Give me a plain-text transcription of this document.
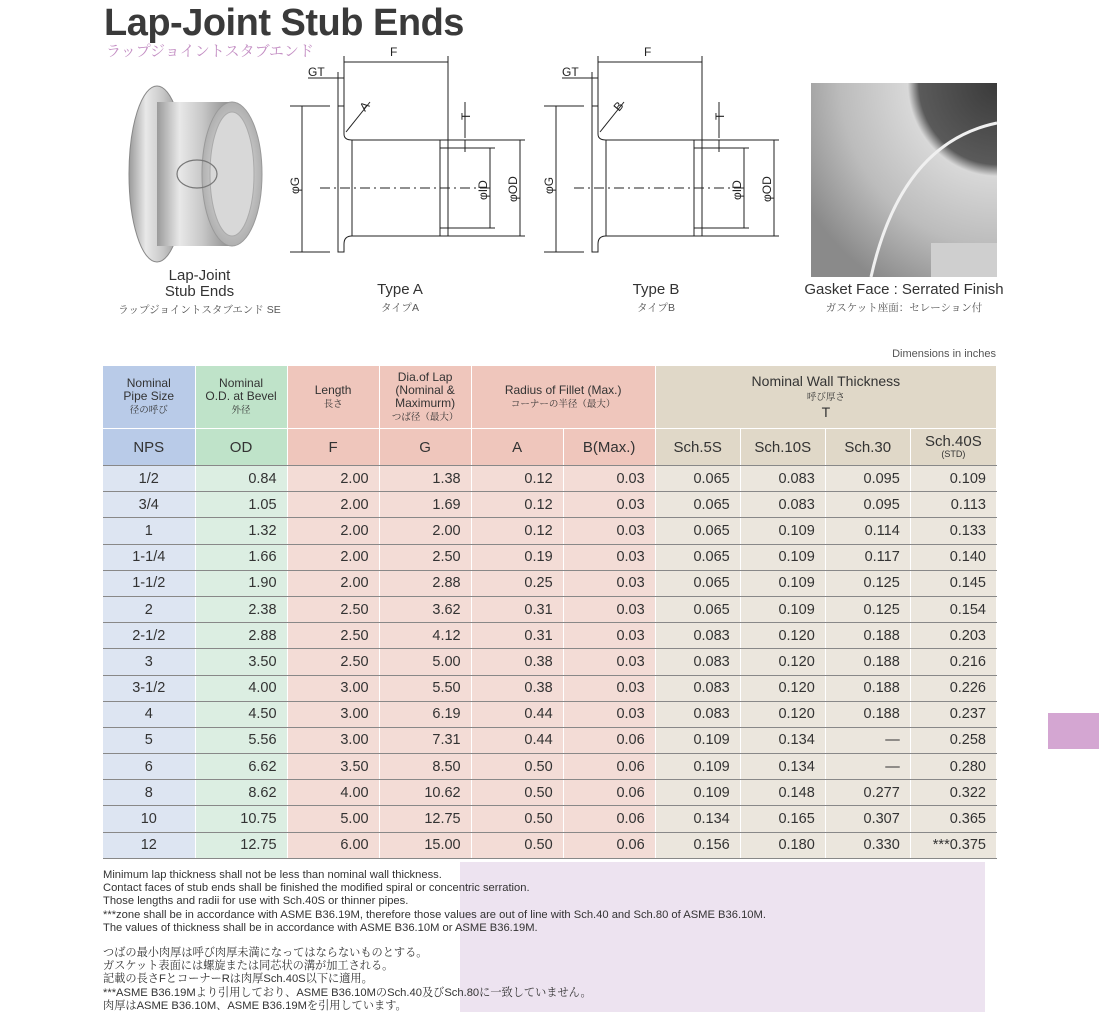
Lap-Joint Stub Ends
ラップジョイントスタブエンド
Lap-Joint
Stub Ends
ラップジョイントスタブエンド SE
GT
F
A
T
φG	φID φOD
Type A
タイプA
GT
F
B
T
φG	φID φOD
Type B
タイプB
Gasket Face : Serrated Finish
ガスケット座面：セレーション付
Dimensions in inches
Nominal
Pipe Size
径の呼び	Nominal
O.D. at Bevel
外径	Length
長さ	Dia.of Lap
(Nominal &
Maximurm)
つば径（最大）	Radius of Fillet (Max.)
コーナーの半径（最大）		Nominal Wall Thickness
呼び厚さ
T			
NPS	OD	F	G	A	B(Max.)	Sch.5S	Sch.10S	Sch.30	Sch.40S
(STD)

1/2	0.84	2.00	1.38	0.12	0.03	0.065	0.083	0.095	0.109
3/4	1.05	2.00	1.69	0.12	0.03	0.065	0.083	0.095	0.113
1	1.32	2.00	2.00	0.12	0.03	0.065	0.109	0.114	0.133
1-1/4	1.66	2.00	2.50	0.19	0.03	0.065	0.109	0.117	0.140
1-1/2	1.90	2.00	2.88	0.25	0.03	0.065	0.109	0.125	0.145
2	2.38	2.50	3.62	0.31	0.03	0.065	0.109	0.125	0.154
2-1/2	2.88	2.50	4.12	0.31	0.03	0.083	0.120	0.188	0.203
3	3.50	2.50	5.00	0.38	0.03	0.083	0.120	0.188	0.216
3-1/2	4.00	3.00	5.50	0.38	0.03	0.083	0.120	0.188	0.226
4	4.50	3.00	6.19	0.44	0.03	0.083	0.120	0.188	0.237
5	5.56	3.00	7.31	0.44	0.06	0.109	0.134	—	0.258
6	6.62	3.50	8.50	0.50	0.06	0.109	0.134	—	0.280
8	8.62	4.00	10.62	0.50	0.06	0.109	0.148	0.277	0.322
10	10.75	5.00	12.75	0.50	0.06	0.134	0.165	0.307	0.365
12	12.75	6.00	15.00	0.50	0.06	0.156	0.180	0.330	***0.375
Minimum lap thickness shall not be less than nominal wall thickness.
Contact faces of stub ends shall be finished the modified spiral or concentric serration.
Those lengths and radii for use with Sch.40S or thinner pipes.
***zone shall be in accordance with ASME B36.19M, therefore those values are out of line with Sch.40 and Sch.80 of ASME B36.10M.
The values of thickness shall be in accordance with ASME B36.10M or ASME B36.19M.
つばの最小肉厚は呼び肉厚未満になってはならないものとする。
ガスケット表面には螺旋または同芯状の溝が加工される。
記載の長さFとコーナーRは肉厚Sch.40S以下に適用。
***ASME B36.19Mより引用しており、ASME B36.10MのSch.40及びSch.80に一致していません。
肉厚はASME B36.10M、ASME B36.19Mを引用しています。
